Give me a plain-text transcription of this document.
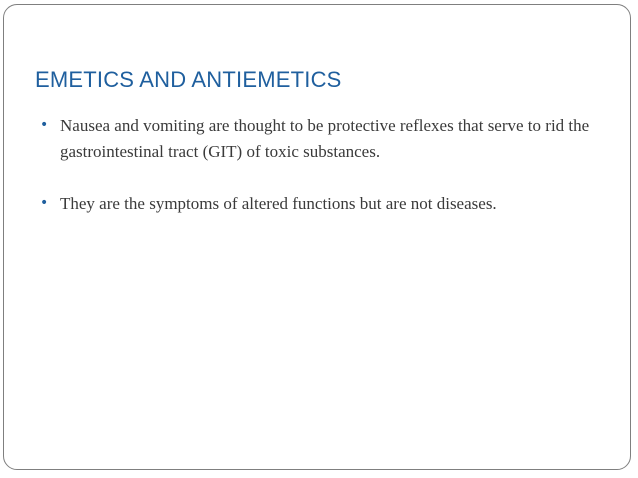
EMETICS AND ANTIEMETICS
• Nausea and vomiting are thought to be protective reflexes that serve to rid the gastrointestinal tract (GIT) of toxic substances.
• They are the symptoms of altered functions but are not diseases.
